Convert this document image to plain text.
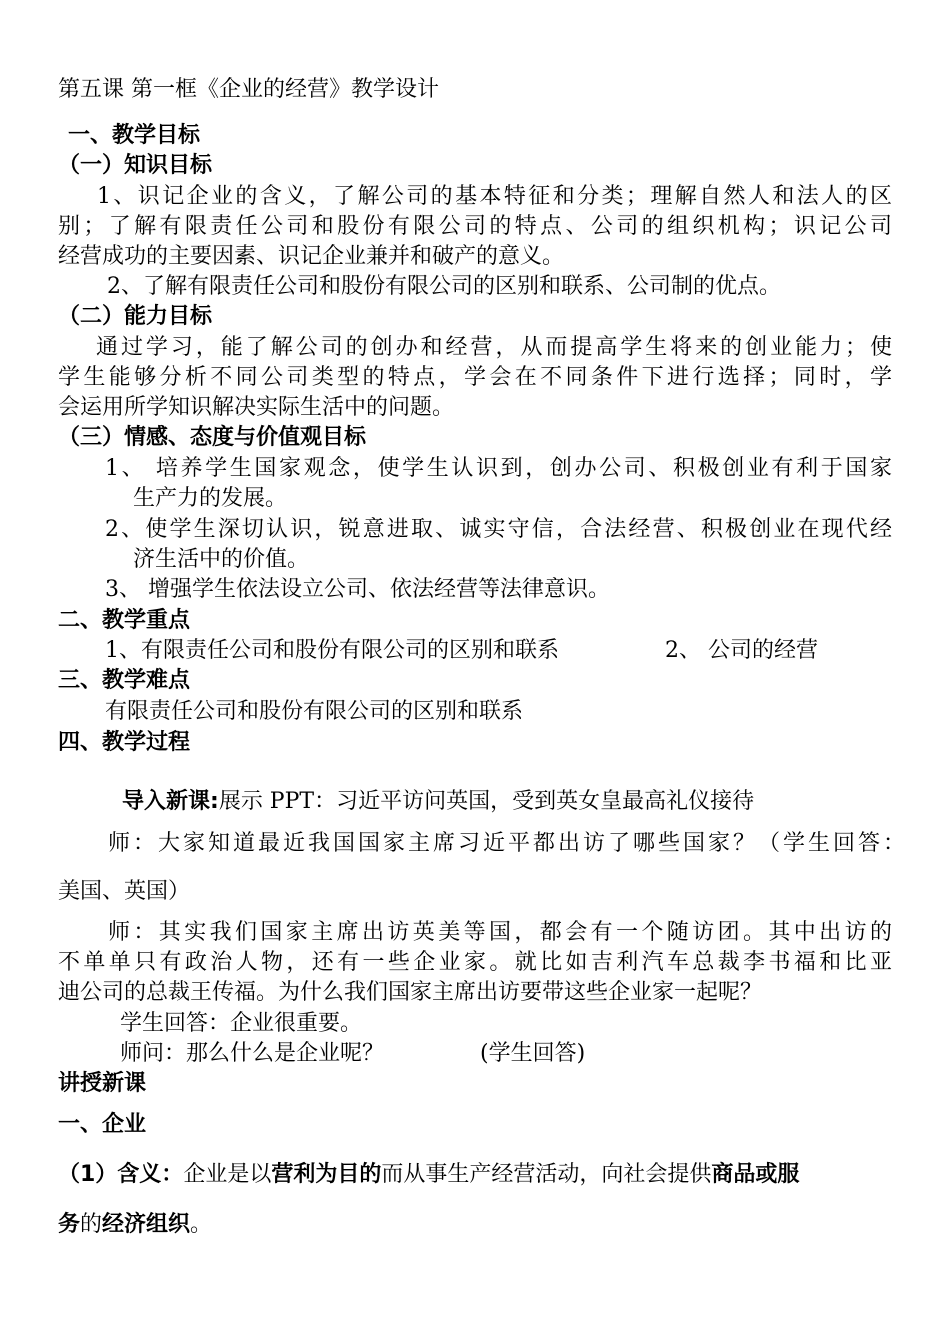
第五课 第一框《企业的经营》教学设计
一、教学目标
（一）知识目标
1、识记企业的含义，了解公司的基本特征和分类；理解自然人和法人的区
别；了解有限责任公司和股份有限公司的特点、公司的组织机构；识记公司
经营成功的主要因素、识记企业兼并和破产的意义。
2、了解有限责任公司和股份有限公司的区别和联系、公司制的优点。
（二）能力目标
通过学习，能了解公司的创办和经营，从而提高学生将来的创业能力；使
学生能够分析不同公司类型的特点，学会在不同条件下进行选择；同时，学
会运用所学知识解决实际生活中的问题。
（三）情感、态度与价值观目标
1、 培养学生国家观念，使学生认识到，创办公司、积极创业有利于国家
生产力的发展。
2、使学生深切认识，锐意进取、诚实守信，合法经营、积极创业在现代经
济生活中的价值。
3、 增强学生依法设立公司、依法经营等法律意识。
二、教学重点
1、有限责任公司和股份有限公司的区别和联系	2、 公司的经营
三、教学难点
有限责任公司和股份有限公司的区别和联系
四、教学过程
导入新课:展示 PPT：习近平访问英国，受到英女皇最高礼仪接待
师：大家知道最近我国国家主席习近平都出访了哪些国家？（学生回答：
美国、英国）
师：其实我们国家主席出访英美等国，都会有一个随访团。其中出访的
不单单只有政治人物，还有一些企业家。就比如吉利汽车总裁李书福和比亚
迪公司的总裁王传福。为什么我们国家主席出访要带这些企业家一起呢？
学生回答：企业很重要。
师问：那么什么是企业呢？	(学生回答)
讲授新课
一、企业
（1）含义：企业是以营利为目的而从事生产经营活动，向社会提供商品或服
务的经济组织。
